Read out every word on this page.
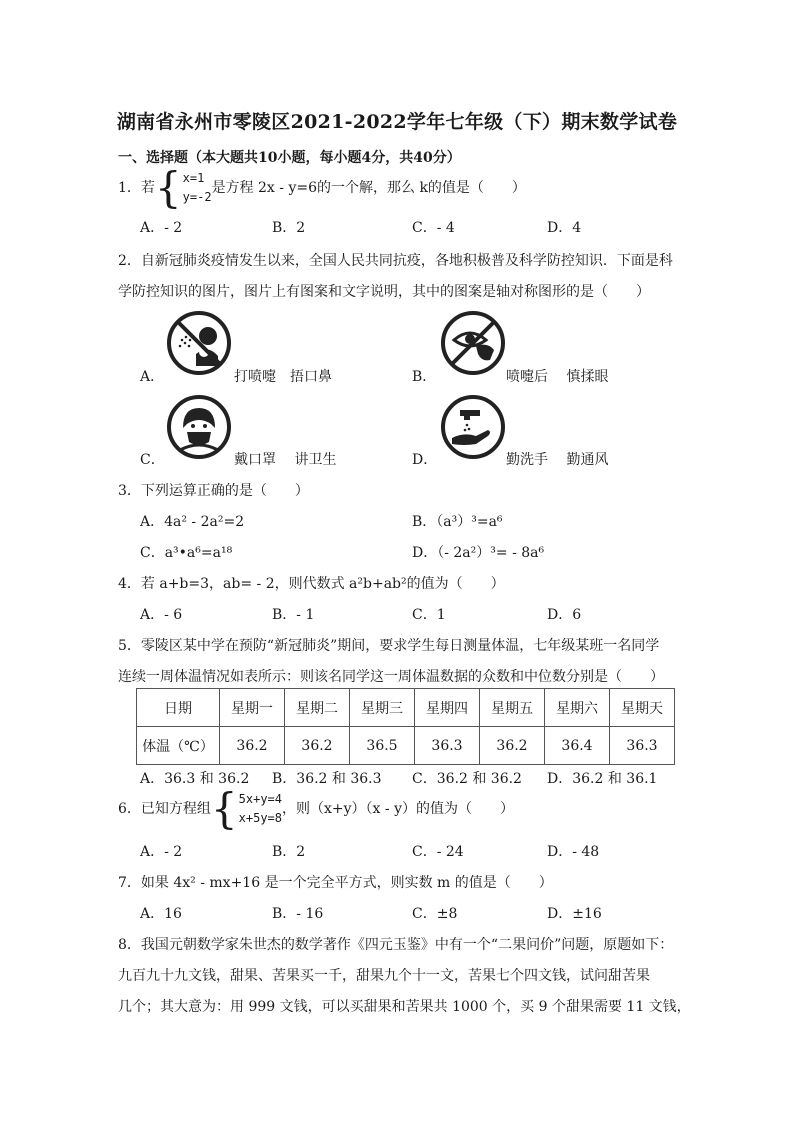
湖南省永州市零陵区2021-2022学年七年级（下）期末数学试卷
一、选择题（本大题共10小题，每小题4分，共40分）
1．若{x=1
y=-2是方程 2x - y=6的一个解，那么 k的值是（　　）
A．- 2	B．2	C．- 4	D．4
2．自新冠肺炎疫情发生以来，全国人民共同抗疫，各地积极普及科学防控知识．下面是科
学防控知识的图片，图片上有图案和文字说明，其中的图案是轴对称图形的是（　　）
A．	打喷嚏　捂口鼻	B．	喷嚏后　 慎揉眼
C．	戴口罩　 讲卫生	D．	勤洗手　 勤通风
3．下列运算正确的是（　　）
A．4a² - 2a²=2	B．（a³）³=a⁶
C．a³•a⁶=a¹⁸	D．（- 2a²）³= - 8a⁶
4．若 a+b=3，ab= - 2，则代数式 a²b+ab²的值为（　　）
A．- 6	B．- 1	C．1	D．6
5．零陵区某中学在预防“新冠肺炎”期间，要求学生每日测量体温，七年级某班一名同学
连续一周体温情况如表所示：则该名同学这一周体温数据的众数和中位数分别是（　　）
日期	星期一	星期二	星期三	星期四	星期五	星期六	星期天
体温（℃）	36.2	36.2	36.5	36.3	36.2	36.4	36.3
A．36.3 和 36.2 B．36.2 和 36.3 C．36.2 和 36.2 D．36.2 和 36.1
6．已知方程组{5x+y=4
x+5y=8，则（x+y）（x - y）的值为（　　）
A．- 2	B．2	C．- 24	D．- 48
7．如果 4x² - mx+16 是一个完全平方式，则实数 m 的值是（　　）
A．16	B．- 16	C．±8	D．±16
8．我国元朝数学家朱世杰的数学著作《四元玉鉴》中有一个“二果问价”问题，原题如下：
九百九十九文钱，甜果、苦果买一千，甜果九个十一文，苦果七个四文钱，试问甜苦果
几个；其大意为：用 999 文钱，可以买甜果和苦果共 1000 个，买 9 个甜果需要 11 文钱，
